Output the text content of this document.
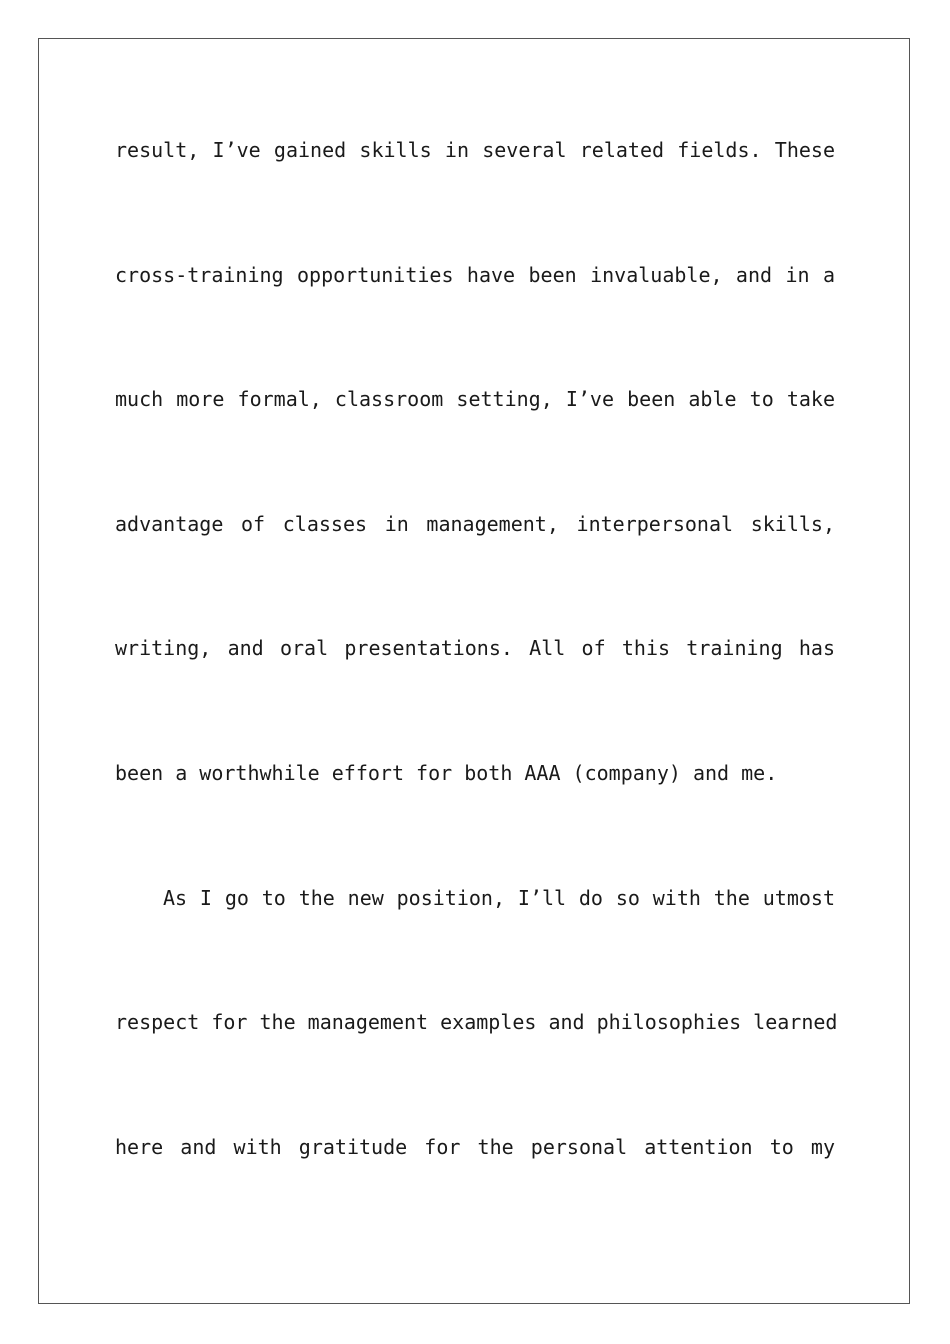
result, I’ve gained skills in several related fields. These
cross-training opportunities have been invaluable, and in a
much more formal, classroom setting, I’ve been able to take
advantage of classes in management, interpersonal skills,
writing, and oral presentations. All of this training has
been a worthwhile effort for both AAA (company) and me.
As I go to the new position, I’ll do so with the utmost
respect for the management examples and philosophies learned
here and with gratitude for the personal attention to my
